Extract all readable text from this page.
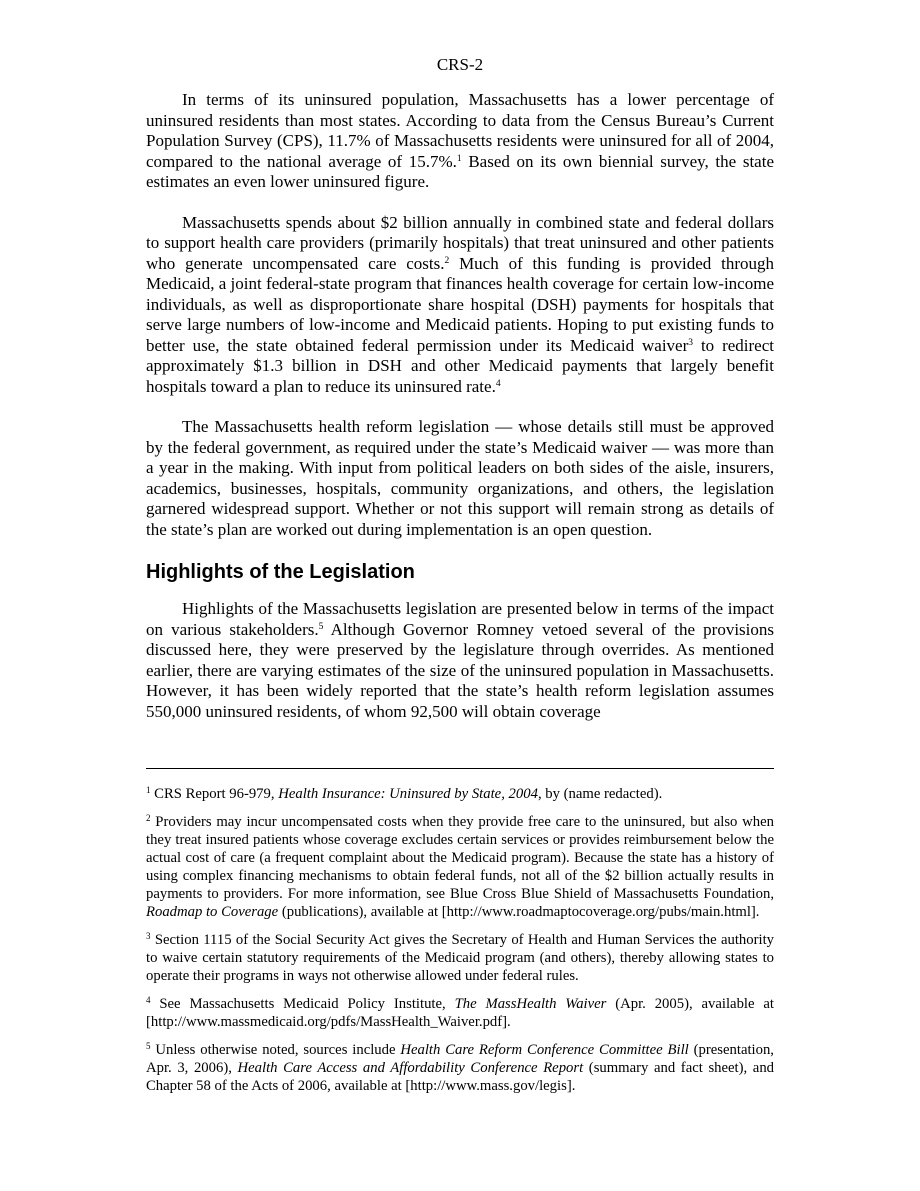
CRS-2

In terms of its uninsured population, Massachusetts has a lower percentage of uninsured residents than most states. According to data from the Census Bureau’s Current Population Survey (CPS), 11.7% of Massachusetts residents were uninsured for all of 2004, compared to the national average of 15.7%.$^1$ Based on its own biennial survey, the state estimates an even lower uninsured figure.

Massachusetts spends about $2 billion annually in combined state and federal dollars to support health care providers (primarily hospitals) that treat uninsured and other patients who generate uncompensated care costs.$^2$ Much of this funding is provided through Medicaid, a joint federal-state program that finances health coverage for certain low-income individuals, as well as disproportionate share hospital (DSH) payments for hospitals that serve large numbers of low-income and Medicaid patients. Hoping to put existing funds to better use, the state obtained federal permission under its Medicaid waiver$^3$ to redirect approximately $1.3 billion in DSH and other Medicaid payments that largely benefit hospitals toward a plan to reduce its uninsured rate.$^4$

The Massachusetts health reform legislation — whose details still must be approved by the federal government, as required under the state’s Medicaid waiver — was more than a year in the making. With input from political leaders on both sides of the aisle, insurers, academics, businesses, hospitals, community organizations, and others, the legislation garnered widespread support. Whether or not this support will remain strong as details of the state’s plan are worked out during implementation is an open question.

Highlights of the Legislation

Highlights of the Massachusetts legislation are presented below in terms of the impact on various stakeholders.$^5$ Although Governor Romney vetoed several of the provisions discussed here, they were preserved by the legislature through overrides. As mentioned earlier, there are varying estimates of the size of the uninsured population in Massachusetts. However, it has been widely reported that the state’s health reform legislation assumes 550,000 uninsured residents, of whom 92,500 will obtain coverage

$^1$ CRS Report 96-979, Health Insurance: Uninsured by State, 2004, by (name redacted).

$^2$ Providers may incur uncompensated costs when they provide free care to the uninsured, but also when they treat insured patients whose coverage excludes certain services or provides reimbursement below the actual cost of care (a frequent complaint about the Medicaid program). Because the state has a history of using complex financing mechanisms to obtain federal funds, not all of the $2 billion actually results in payments to providers. For more information, see Blue Cross Blue Shield of Massachusetts Foundation, Roadmap to Coverage (publications), available at [http://www.roadmaptocoverage.org/pubs/main.html].

$^3$ Section 1115 of the Social Security Act gives the Secretary of Health and Human Services the authority to waive certain statutory requirements of the Medicaid program (and others), thereby allowing states to operate their programs in ways not otherwise allowed under federal rules.

$^4$ See Massachusetts Medicaid Policy Institute, The MassHealth Waiver (Apr. 2005), available at [http://www.massmedicaid.org/pdfs/MassHealth_Waiver.pdf].

$^5$ Unless otherwise noted, sources include Health Care Reform Conference Committee Bill (presentation, Apr. 3, 2006), Health Care Access and Affordability Conference Report (summary and fact sheet), and Chapter 58 of the Acts of 2006, available at [http://www.mass.gov/legis].
